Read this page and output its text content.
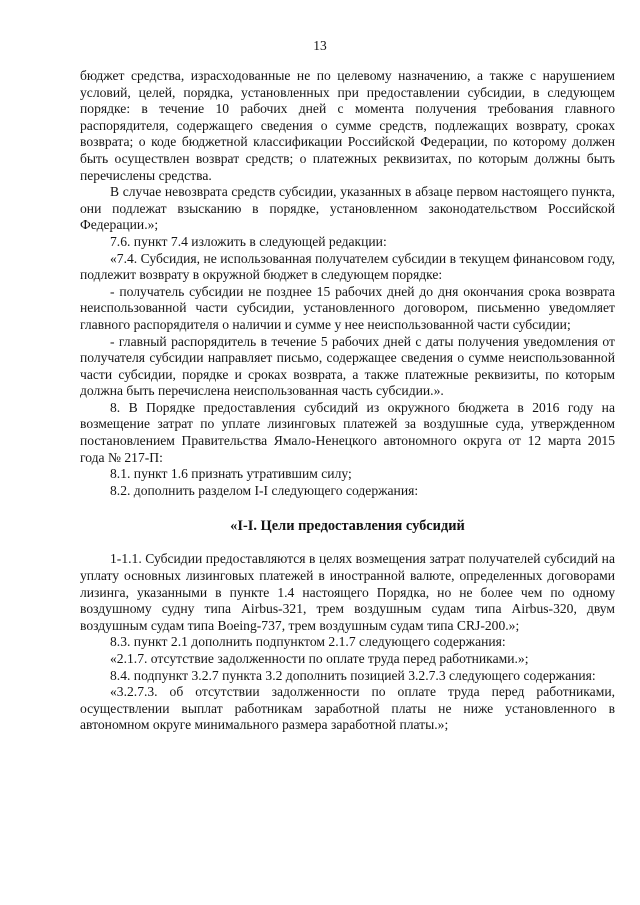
13

бюджет средства, израсходованные не по целевому назначению, а также с нарушением условий, целей, порядка, установленных при предоставлении субсидии, в следующем порядке: в течение 10 рабочих дней с момента получения требования главного распорядителя, содержащего сведения о сумме средств, подлежащих возврату, сроках возврата; о коде бюджетной классификации Российской Федерации, по которому должен быть осуществлен возврат средств; о платежных реквизитах, по которым должны быть перечислены средства.

В случае невозврата средств субсидии, указанных в абзаце первом настоящего пункта, они подлежат взысканию в порядке, установленном законодательством Российской Федерации.»;

7.6. пункт 7.4 изложить в следующей редакции:

«7.4. Субсидия, не использованная получателем субсидии в текущем финансовом году, подлежит возврату в окружной бюджет в следующем порядке:

- получатель субсидии не позднее 15 рабочих дней до дня окончания срока возврата неиспользованной части субсидии, установленного договором, письменно уведомляет главного распорядителя о наличии и сумме у нее неиспользованной части субсидии;

- главный распорядитель в течение 5 рабочих дней с даты получения уведомления от получателя субсидии направляет письмо, содержащее сведения о сумме неиспользованной части субсидии, порядке и сроках возврата, а также платежные реквизиты, по которым должна быть перечислена неиспользованная часть субсидии.».

8. В Порядке предоставления субсидий из окружного бюджета в 2016 году на возмещение затрат по уплате лизинговых платежей за воздушные суда, утвержденном постановлением Правительства Ямало-Ненецкого автономного округа от 12 марта 2015 года № 217-П:

8.1. пункт 1.6 признать утратившим силу;

8.2. дополнить разделом I-I следующего содержания:

«I-I. Цели предоставления субсидий

1-1.1. Субсидии предоставляются в целях возмещения затрат получателей субсидий на уплату основных лизинговых платежей в иностранной валюте, определенных договорами лизинга, указанными в пункте 1.4 настоящего Порядка, но не более чем по одному воздушному судну типа Airbus-321, трем воздушным судам типа Airbus-320, двум воздушным судам типа Boeing-737, трем воздушным судам типа CRJ-200.»;

8.3. пункт 2.1 дополнить подпунктом 2.1.7 следующего содержания:

«2.1.7. отсутствие задолженности по оплате труда перед работниками.»;

8.4. подпункт 3.2.7 пункта 3.2 дополнить позицией 3.2.7.3 следующего содержания:

«3.2.7.3. об отсутствии задолженности по оплате труда перед работниками, осуществлении выплат работникам заработной платы не ниже установленного в автономном округе минимального размера заработной платы.»;
